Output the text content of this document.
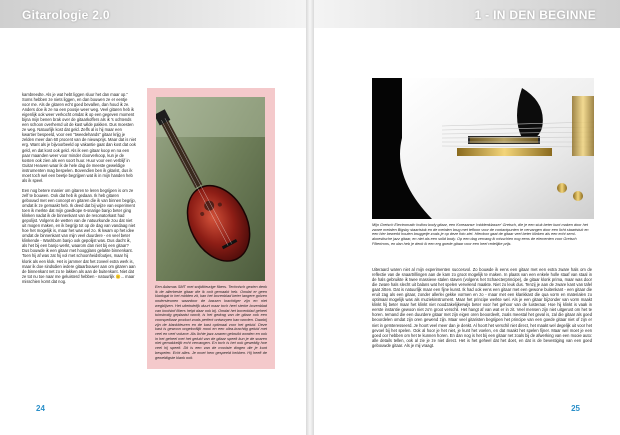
Gitarologie 2.0

kambreedte. Als je wat hebt liggen sluur het dan maar op." Soms hebben ze niets liggen, en dan bouwen ze er eentje voor me. Als de gitaren echt goed bevallen, dan houd ik ze. Anders doe ik ze na een poosje weer weg. Veel gitaren heb ik eigenlijk ook weer verkocht omdat ik op een gegeven moment bijna mijn benen brak over de gitaarkoffers als ik 's ochtends een schoon overhemd uit de kast wilde pakken. Dus moesten ze weg. Natuurlijk kost dat geld. Zelfs al is hij maar een kwartier bespeeld, voor een "tweedehands" gitaar krijg je zelden meer dan 60 procent van de nieuwprijs. Maar dat is niet erg. Want als je bijvoorbeeld op vakantie gaat dan kost dat ook geld, en dat kost ook geld. Als ik een gitaar koop en na een paar maanden weer voor minder doorverkoop, kun je de kosten ook zien als een soort huur. Huur voor een verblijf in Guitar Heaven waar ik de hele dag de meeste geweldige instrumenten mag bespelen. Bovendien ben ik gitarist, dus ik moet toch wel een beetje begrijpen wat ik in mijn handen heb als ik speel.

Een nog betere manier om gitaren te leren begrijpen is om ze zelf te bouwen. Ook dat heb ik gedaan. Ik heb gitaren gebouwd met een concept en gitaren die ik van binnen begrijp, omdat ik ze gemaakt heb. Ik deed dat bij wijze van experiment toen ik merkte dat mijn goedkope 6-snarige banjo beter ging klinken nadat ik de binnenkant van de resonatorkast had gepolijst. Volgens de wetten van de natuurkunde zou dat niet uit mogen maken, en ik begrijp tot op de dag van vandaag niet hoe het mogelijk is, maar het was wel zo. Ik kwam op het idee omdat de binnenkant van mijn veel duurdere - en veel beter klinkende - Washburn banjo ook gepolijst was. Dus dacht ik, als het bij een banjo werkt, waarom dan niet bij een gitaar? Dus bouwde ik een gitaar met hoogglans gelakte binnenkant. Toen hij af was zat hij vol met schoonheidsfoutjes, maar hij klonk als een klok. Het is jammer dat het zoveel extra werk is, maar ik doe sindsdien iedere gitaarbouwer aan om gitaren aan de binnenkant net zo te lakken als aan de buitenkant. Niet dat ze tot nu toe naar me geluisterd hebben - natuurlijk 🙂... maar misschien komt dat nog.

Een Adamas SMT met snijdkleurige fibers. Technisch gezien denk ik de allerbeste gitaar die ik ooit gemaakt heb. Omdat er geen klankgat in het midden zit, kan het bovenblad beter langere golven ondersteunen waardoor de bassen krachtiger zijn en niet wegblijven. Het uiteindelijk duurt maar toch heel sterke bovenblad van koolstof fibers helpt daar ook bij. Omdat het bovenblad geheel tuinstrotig geplaatst wordt, is het gedrag van de gitaar ook een voorspelbaar product zoals perfect ontworpen kan worden. Daarbij zijn de klankkleuren en de kast optimaal voor het geluid. Deze kast is gewoon ongelooflijk mooi en een ultra-krachtig geluid met veel en veel volume. Als lichte jazz-snaren gebruikt worden en ook in het geheel met het geluid van de gitaar speelt kun je de snaren niet gemakkelijk echt vervangen. En toch is het ook geweldig hoe veel hij speelt. Dit is een van de mooiste dingen die je kunt bespelen. Echt alles. Je moet hem gespeeld hebben. Hij heeft de geweldigste klank ooit.
24
1 - IN DEN BEGINNE
Mijn Gretsch Electromatic hollow body gitaar, een Koreaanse 'middenklasser' Gretsch, die je een stuk beter kunt maken door het zware metalen Bigsby staartstuk en de metalen brug met tefloon voor de contactpunten te vervangen door een licht staartstuk en een hier bewerkt houten bruggetje zoals je op deze foto ziet. Hierdoor gaat de gitaar veel beter klinken als een echt semi-akoestische jazz gitaar, en niet als een solid body. Op een dag vervang ik misschien nog eens de elementen voor Gretsch Filtertrons, en dan heb je denk ik een erg goede gitaar voor een heel redelijke prijs.

Uiteraard waren niet al mijn experimenten succesvol. Zo bouwde ik eens een gitaar met een extra zware hals om de reflectie van de snaartrillingen aan de kam zo groot mogelijk te maken. In plaats van een enkele holle staaf van staal in de hals gebruikte ik twee massieve stalen staven (volgens het Schaecterprincipe), de gitaar klonk prima, maar was door die zware hals slecht uit balans wat het spelen vervelend maakte. Niet zo leuk dus. Tenzij je aan de zware kant van tafel gaat zitten. Dat is natuurlijk maar een fijne kunst. Ik had ook eens een gitaar met een gewone buitenkant - een gitaar die eruit zag als een gitaar, zonder allerlei gekke vormen en zo - maar met een klankkast die qua vorm en materialen zo optimaal mogelijk was als muziekinstrument. Maar het principe werkte wel. Als je een gitaar bijzonder van vorm maakt klinkt hij beter maar het klinkt niet noodzakelijkerwijs beter voor het gehoor van de luisteraar. Hoe hij klinkt is vaak in eerste instantie gewoon niet zo'n groot verschil. Het hangt af van wat er in zit. Veel mensen zijn niet uitgerust om het te horen. Iemand die een duurdere gitaar met zijn eigen oren beoordeelt, zoals meestal het geval is, zal die gitaar als goed beoordelen omdat zijn oren gewend zijn. Maar veel gitaristen begrijpen het principe van een goede gitaar niet of zijn er niet in geïnteresseerd. Je hoort veel meer dan je denkt. Al hoort het verschil niet direct, het maakt wel degelijk uit voor het gevoel bij het spelen. Ook al hoor je het niet, je kunt het voelen, en dat maakt het spelen fijner. Maar wel moet je een goed oor hebben om het te kunnen horen. En dan nog is het bij een gitaar net zoals bij de afwerking van een mooie auto: alle details tellen, ook al zie je ze niet direct. Het is het geheel dat het doet, en dat is de bevestiging van een goed gebouwde gitaar. Als je mij vraagt.

25
